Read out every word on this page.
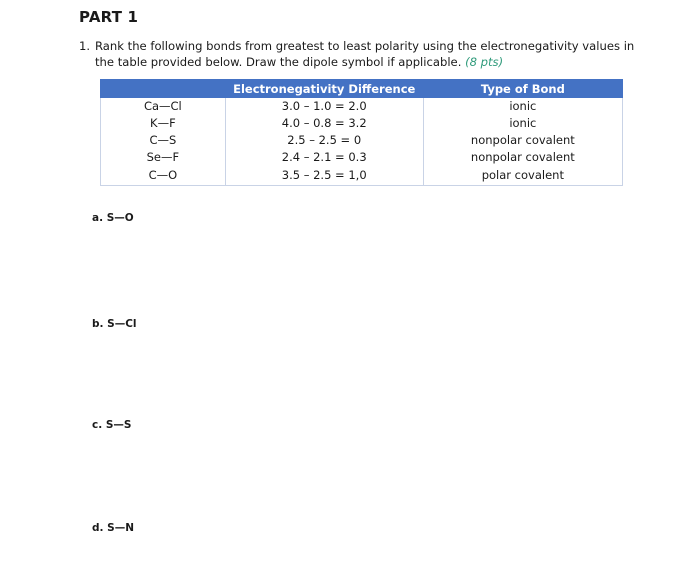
PART 1
1. Rank the following bonds from greatest to least polarity using the electronegativity values in
the table provided below. Draw the dipole symbol if applicable. (8 pts)
	Electronegativity Difference	Type of Bond
Ca—Cl	3.0 – 1.0 = 2.0	ionic
K—F	4.0 – 0.8 = 3.2	ionic
C—S	2.5 – 2.5 = 0	nonpolar covalent
Se—F	2.4 – 2.1 = 0.3	nonpolar covalent
C—O	3.5 – 2.5 = 1,0	polar covalent
a. S—O
b. S—Cl
c. S—S
d. S—N
